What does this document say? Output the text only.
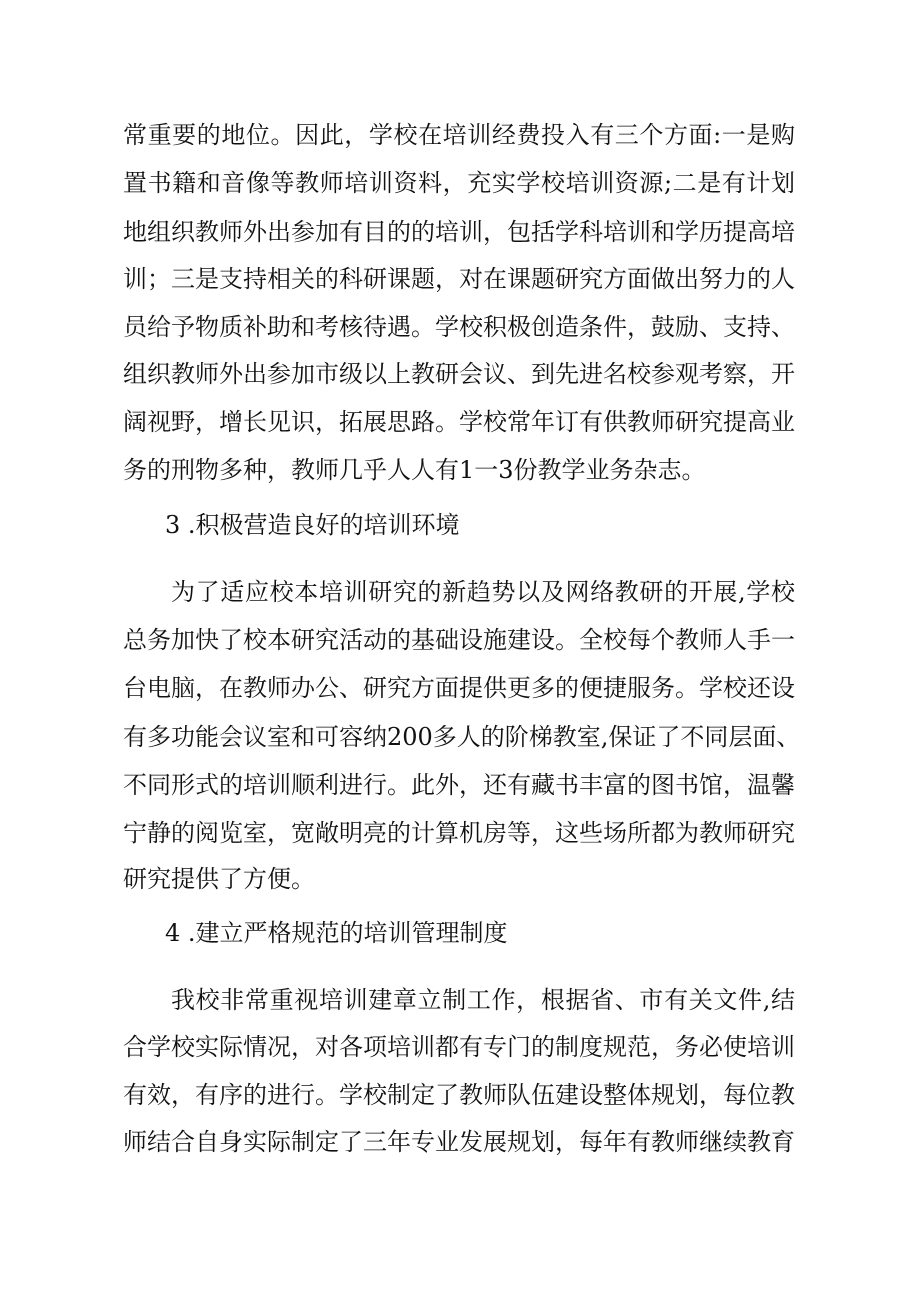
常重要的地位。因此，学校在培训经费投入有三个方面:一是购
置书籍和音像等教师培训资料，充实学校培训资源;二是有计划
地组织教师外出参加有目的的培训，包括学科培训和学历提高培
训；三是支持相关的科研课题，对在课题研究方面做出努力的人
员给予物质补助和考核待遇。学校积极创造条件，鼓励、支持、
组织教师外出参加市级以上教研会议、到先进名校参观考察，开
阔视野，增长见识，拓展思路。学校常年订有供教师研究提高业
务的刑物多种，教师几乎人人有1一3份教学业务杂志。
3 .积极营造良好的培训环境
为了适应校本培训研究的新趋势以及网络教研的开展,学校
总务加快了校本研究活动的基础设施建设。全校每个教师人手一
台电脑，在教师办公、研究方面提供更多的便捷服务。学校还设
有多功能会议室和可容纳200多人的阶梯教室,保证了不同层面、
不同形式的培训顺利进行。此外，还有藏书丰富的图书馆，温馨
宁静的阅览室，宽敞明亮的计算机房等，这些场所都为教师研究
研究提供了方便。
4 .建立严格规范的培训管理制度
我校非常重视培训建章立制工作，根据省、市有关文件,结
合学校实际情况，对各项培训都有专门的制度规范，务必使培训
有效，有序的进行。学校制定了教师队伍建设整体规划，每位教
师结合自身实际制定了三年专业发展规划，每年有教师继续教育
